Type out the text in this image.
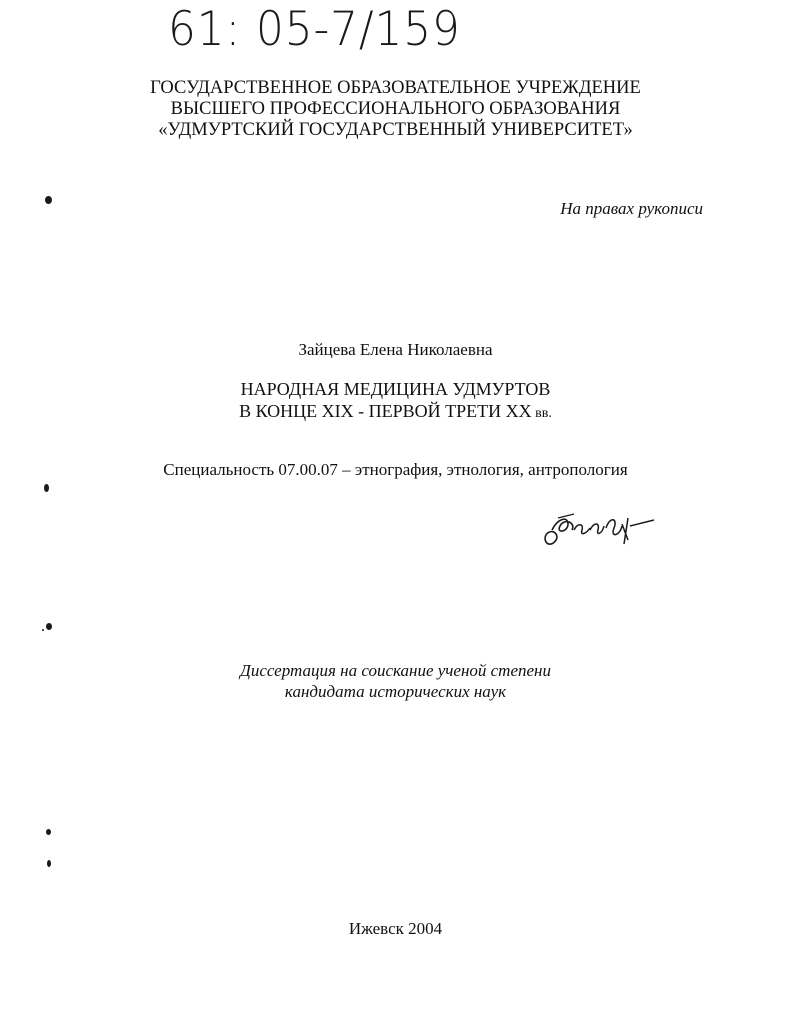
61: 05-7/159
ГОСУДАРСТВЕННОЕ ОБРАЗОВАТЕЛЬНОЕ УЧРЕЖДЕНИЕ
ВЫСШЕГО ПРОФЕССИОНАЛЬНОГО ОБРАЗОВАНИЯ
«УДМУРТСКИЙ ГОСУДАРСТВЕННЫЙ УНИВЕРСИТЕТ»
На правах рукописи
Зайцева Елена Николаевна
НАРОДНАЯ МЕДИЦИНА УДМУРТОВ
В КОНЦЕ XIX - ПЕРВОЙ ТРЕТИ XX вв.
Специальность 07.00.07 – этнография, этнология, антропология
Диссертация на соискание ученой степени
кандидата исторических наук
Ижевск 2004
